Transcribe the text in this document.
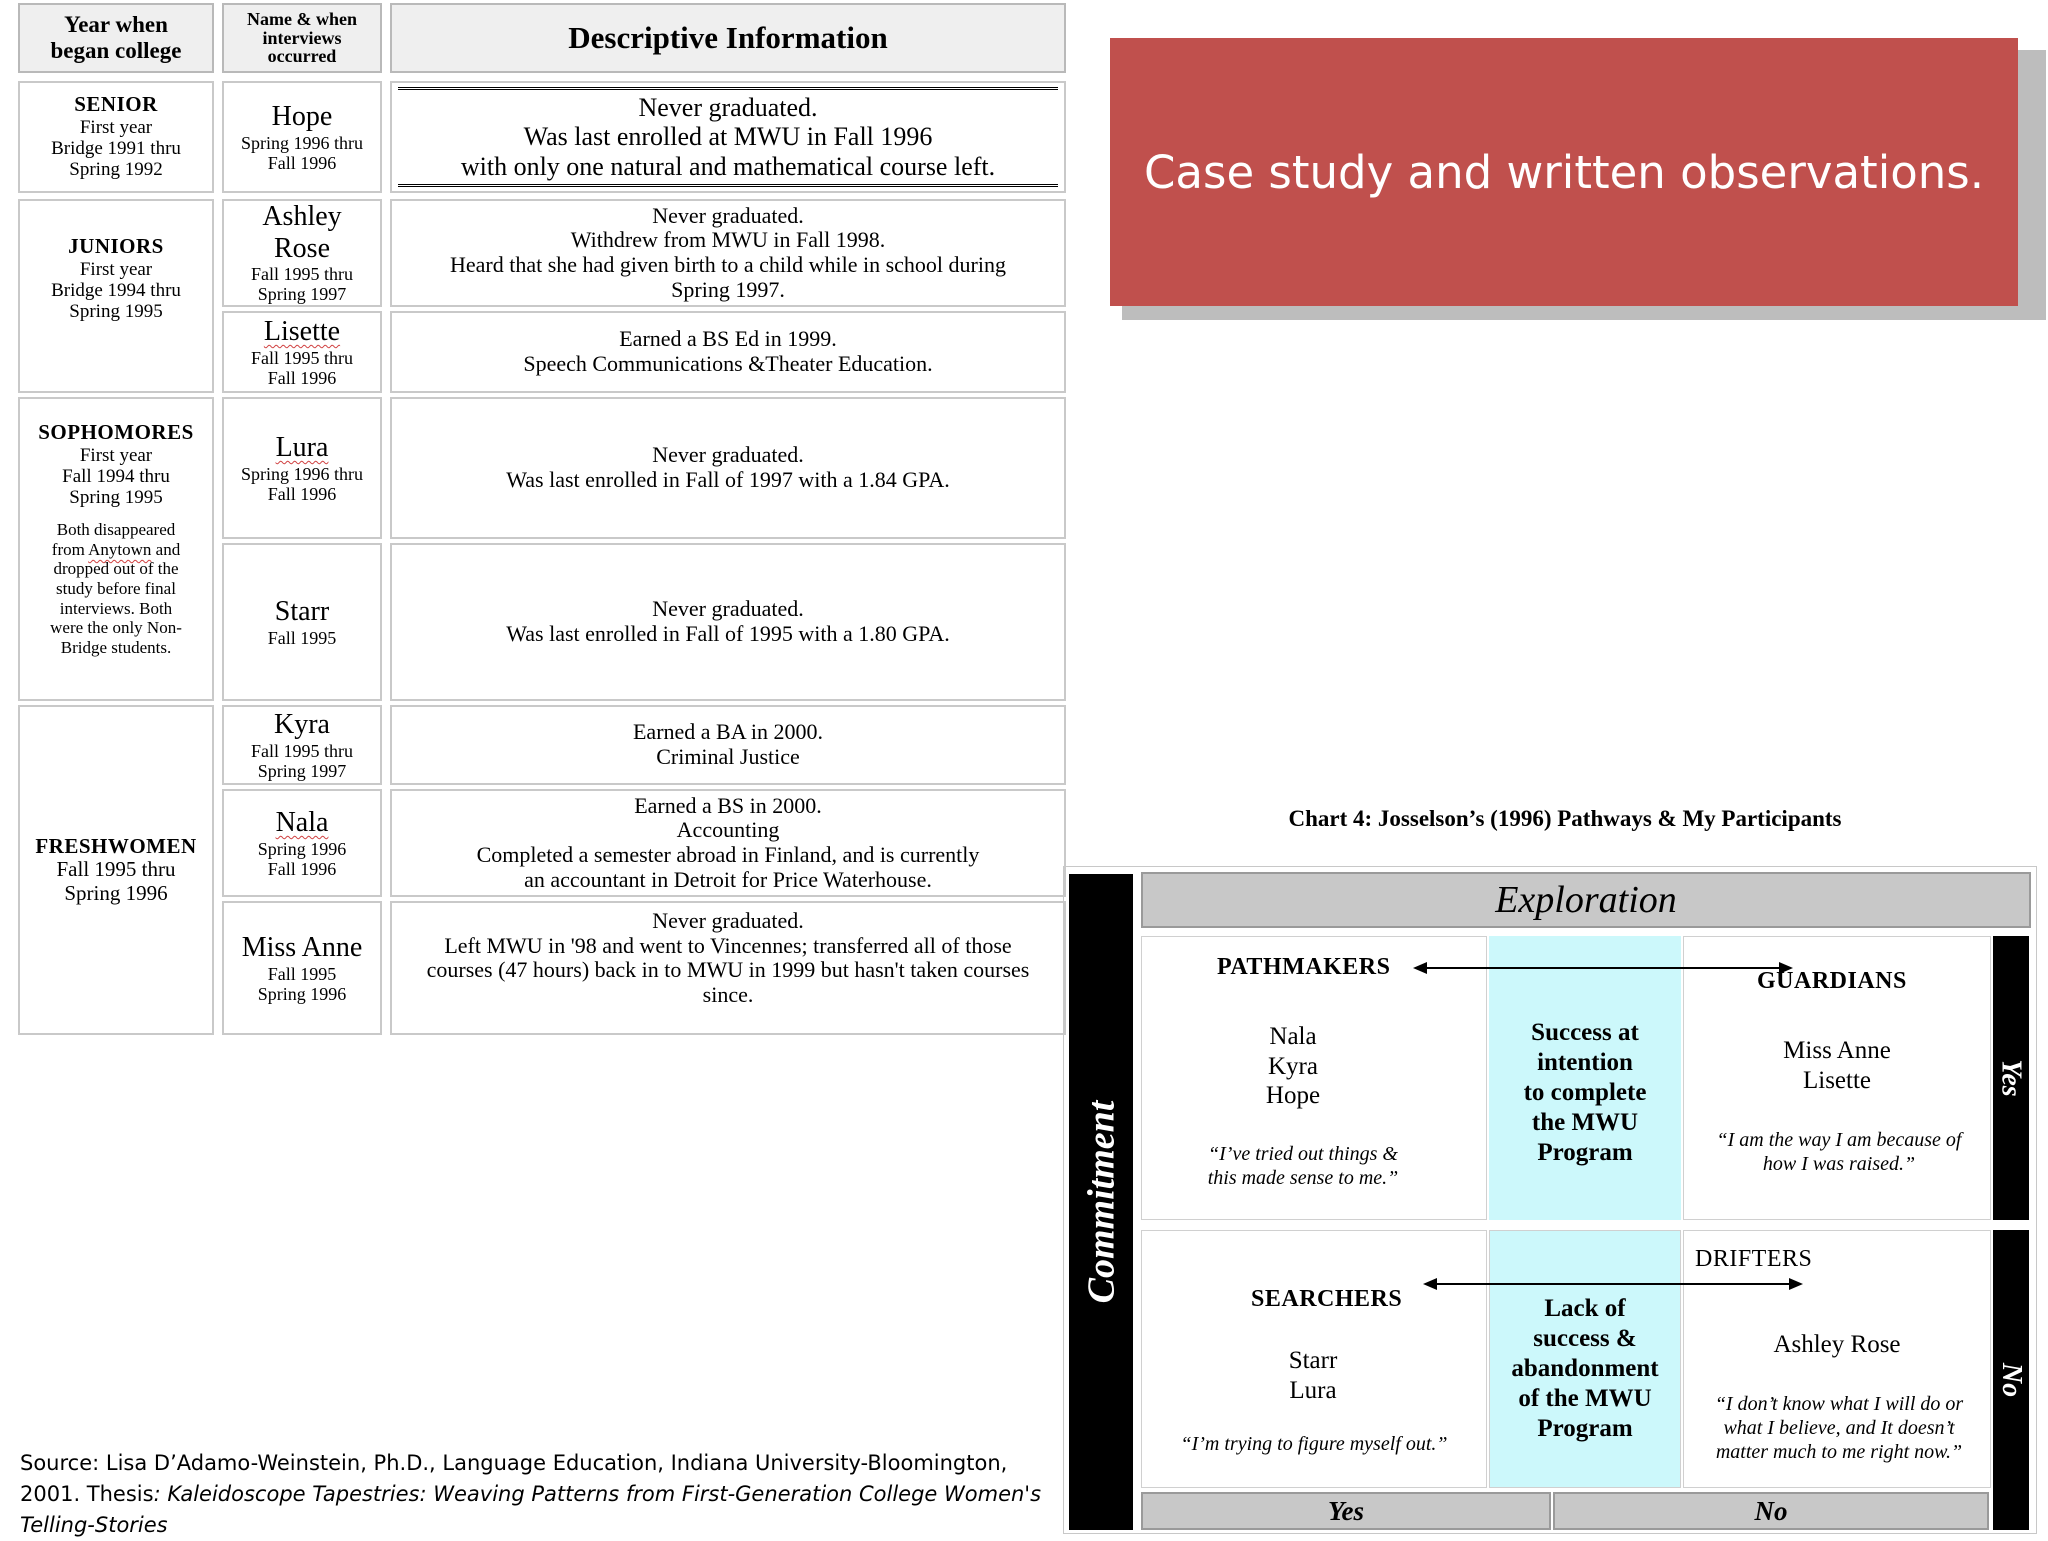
Year when
began college
Name & when
interviews
occurred
Descriptive Information
SENIOR
First year
Bridge 1991 thru
Spring 1992
JUNIORS
First year
Bridge 1994 thru
Spring 1995
SOPHOMORES
First year
Fall 1994 thru
Spring 1995
Both disappeared
from Anytown and
dropped out of the
study before final
interviews. Both
were the only Non-
Bridge students.
FRESHWOMEN
Fall 1995 thru
Spring 1996
Hope
Spring 1996 thru
Fall 1996
Never graduated.
Was last enrolled at MWU in Fall 1996
with only one natural and mathematical course left.
Ashley
Rose
Fall 1995 thru
Spring 1997
Never graduated.
Withdrew from MWU in Fall 1998.
Heard that she had given birth to a child while in school during
Spring 1997.
Lisette
Fall 1995 thru
Fall 1996
Earned a BS Ed in 1999.
Speech Communications &Theater Education.
Lura
Spring 1996 thru
Fall 1996
Never graduated.
Was last enrolled in Fall of 1997 with a 1.84 GPA.
Starr
Fall 1995
Never graduated.
Was last enrolled in Fall of 1995 with a 1.80 GPA.
Kyra
Fall 1995 thru
Spring 1997
Earned a BA in 2000.
Criminal Justice
Nala
Spring 1996
Fall 1996
Earned a BS in 2000.
Accounting
Completed a semester abroad in Finland, and is currently
an accountant in Detroit for Price Waterhouse.
Miss Anne
Fall 1995
Spring 1996
Never graduated.
Left MWU in '98 and went to Vincennes; transferred all of those
courses (47 hours) back in to MWU in 1999 but hasn't taken courses
since.
Case study and written observations.
Chart 4: Josselson’s (1996) Pathways & My Participants
Commitment
Exploration
Yes
No
Yes	No
PATHMAKERS
Nala
Kyra
Hope
“I’ve tried out things &
this made sense to me.”
Success at
intention
to complete
the MWU
Program
GUARDIANS
Miss Anne
Lisette
“I am the way I am because of
how I was raised.”
SEARCHERS
Starr
Lura
“I’m trying to figure myself out.”
Lack of
success &
abandonment
of the MWU
Program
DRIFTERS
Ashley Rose
“I don’t know what I will do or
what I believe, and It doesn’t
matter much to me right now.”
Source: Lisa D’Adamo-Weinstein, Ph.D., Language Education, Indiana University-Bloomington, 2001. Thesis: Kaleidoscope Tapestries: Weaving Patterns from First-Generation College Women's Telling-Stories
